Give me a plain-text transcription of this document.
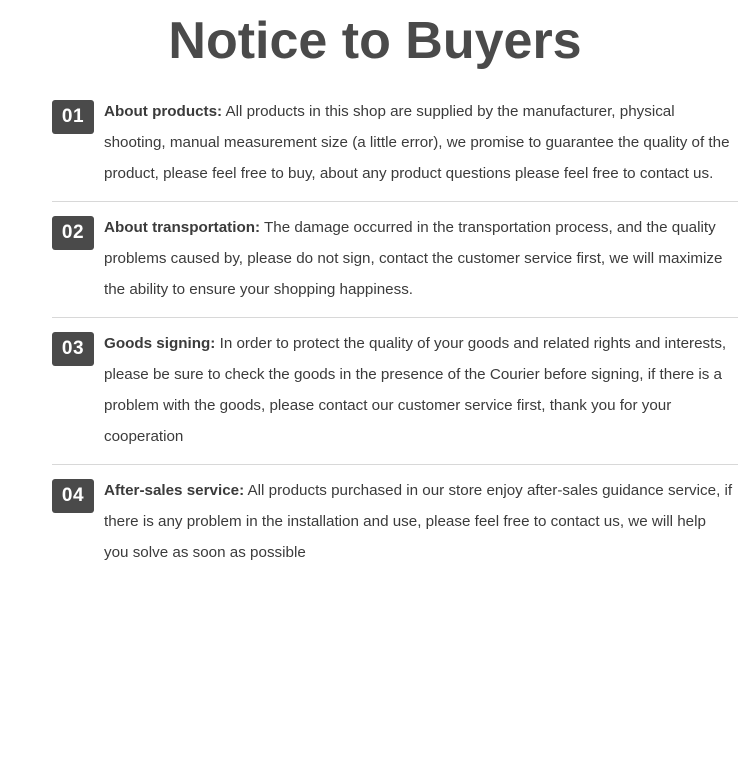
Notice to Buyers
01	About products: All products in this shop are supplied by the manufacturer, physical shooting, manual measurement size (a little error), we promise to guarantee the quality of the product, please feel free to buy, about any product questions please feel free to contact us.
02	About transportation: The damage occurred in the transportation process, and the quality problems caused by, please do not sign, contact the customer service first, we will maximize the ability to ensure your shopping happiness.
03	Goods signing: In order to protect the quality of your goods and related rights and interests, please be sure to check the goods in the presence of the Courier before signing, if there is a problem with the goods, please contact our customer service first, thank you for your cooperation
04	After-sales service: All products purchased in our store enjoy after-sales guidance service, if there is any problem in the installation and use, please feel free to contact us, we will help you solve as soon as possible
